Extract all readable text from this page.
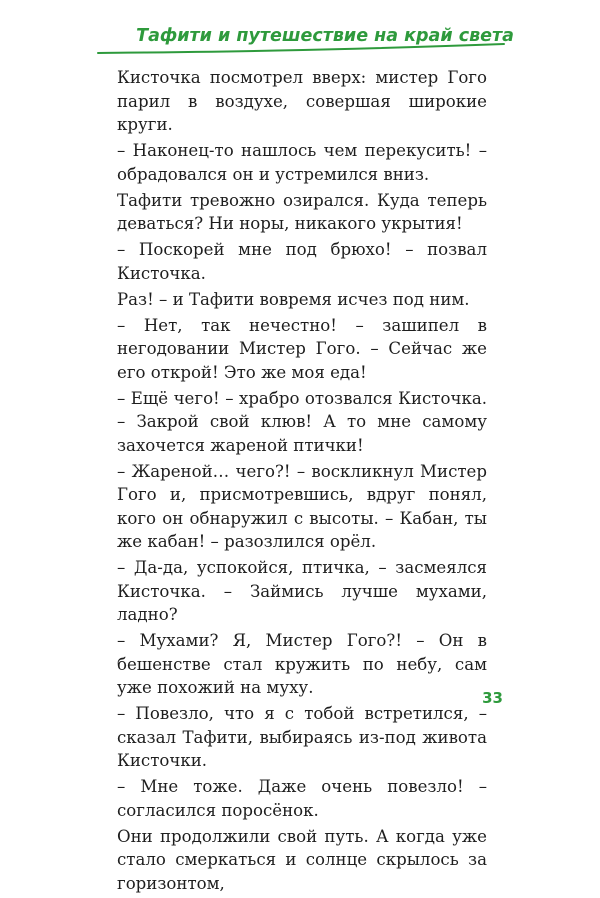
Тафити и путешествие на край света

Кисточка посмотрел вверх: мистер Гого парил в воздухе, совершая широкие круги.

– Наконец-то нашлось чем перекусить! – обрадовался он и устремился вниз.

Тафити тревожно озирался. Куда теперь деваться? Ни норы, никакого укрытия!

– Поскорей мне под брюхо! – позвал Кисточка.

Раз! – и Тафити вовремя исчез под ним.

– Нет, так нечестно! – зашипел в негодовании Мистер Гого. – Сейчас же его открой! Это же моя еда!

– Ещё чего! – храбро отозвался Кисточка. – Закрой свой клюв! А то мне самому захочется жареной птички!

– Жареной… чего?! – воскликнул Мистер Гого и, присмотревшись, вдруг понял, кого он обнаружил с высоты. – Кабан, ты же кабан! – разозлился орёл.

– Да-да, успокойся, птичка, – засмеялся Кисточка. – Займись лучше мухами, ладно?

– Мухами? Я, Мистер Гого?! – Он в бешенстве стал кружить по небу, сам уже похожий на муху.

– Повезло, что я с тобой встретился, – сказал Тафити, выбираясь из-под живота Кисточки.

– Мне тоже. Даже очень повезло! – согласился поросёнок.

Они продолжили свой путь. А когда уже стало смеркаться и солнце скрылось за горизонтом,

33
